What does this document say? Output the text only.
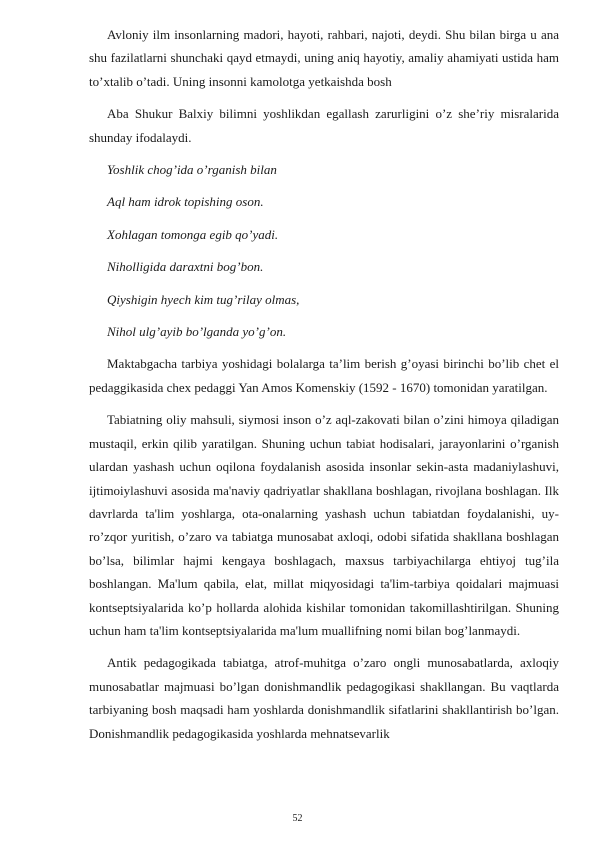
Avloniy ilm insonlarning madori, hayoti, rahbari, najoti, deydi. Shu bilan birga u ana shu fazilatlarni shunchaki qayd etmaydi, uning aniq hayotiy, amaliy ahamiyati ustida ham to’xtalib o’tadi. Uning insonni kamolotga yetkaishda bosh

Aba Shukur Balxiy bilimni yoshlikdan egallash zarurligini o’z she’riy misralarida shunday ifodalaydi.

Yoshlik chog’ida o’rganish bilan

Aql ham idrok topishing oson.

Xohlagan tomonga egib qo’yadi.

Niholligida daraxtni bog’bon.

Qiyshigin hyech kim tug’rilay olmas,

Nihol ulg’ayib bo’lganda yo’g’on.

Maktabgacha tarbiya yoshidagi bolalarga ta’lim berish g’oyasi birinchi bo’lib chet el pedaggikasida chex pedaggi Yan Amos Komenskiy (1592 - 1670) tomonidan yaratilgan.

Tabiatning oliy mahsuli, siymosi inson o’z aql-zakovati bilan o’zini himoya qiladigan mustaqil, erkin qilib yaratilgan. Shuning uchun tabiat hodisalari, jarayonlarini o’rganish ulardan yashash uchun oqilona foydalanish asosida insonlar sekin-asta madaniylashuvi, ijtimoiylashuvi asosida ma'naviy qadriyatlar shakllana boshlagan, rivojlana boshlagan. Ilk davrlarda ta'lim yoshlarga, ota-onalarning yashash uchun tabiatdan foydalanishi, uy-ro’zqor yuritish, o’zaro va tabiatga munosabat axloqi, odobi sifatida shakllana boshlagan bo’lsa, bilimlar hajmi kengaya boshlagach, maxsus tarbiyachilarga ehtiyoj tug’ila boshlangan. Ma'lum qabila, elat, millat miqyosidagi ta'lim-tarbiya qoidalari majmuasi kontseptsiyalarida ko’p hollarda alohida kishilar tomonidan takomillashtirilgan. Shuning uchun ham ta'lim kontseptsiyalarida ma'lum muallifning nomi bilan bog’lanmaydi.

Antik pedagogikada tabiatga, atrof-muhitga o’zaro ongli munosabatlarda, axloqiy munosabatlar majmuasi bo’lgan donishmandlik pedagogikasi shakllangan. Bu vaqtlarda tarbiyaning bosh maqsadi ham yoshlarda donishmandlik sifatlarini shakllantirish bo’lgan. Donishmandlik pedagogikasida yoshlarda mehnatsevarlik

52
